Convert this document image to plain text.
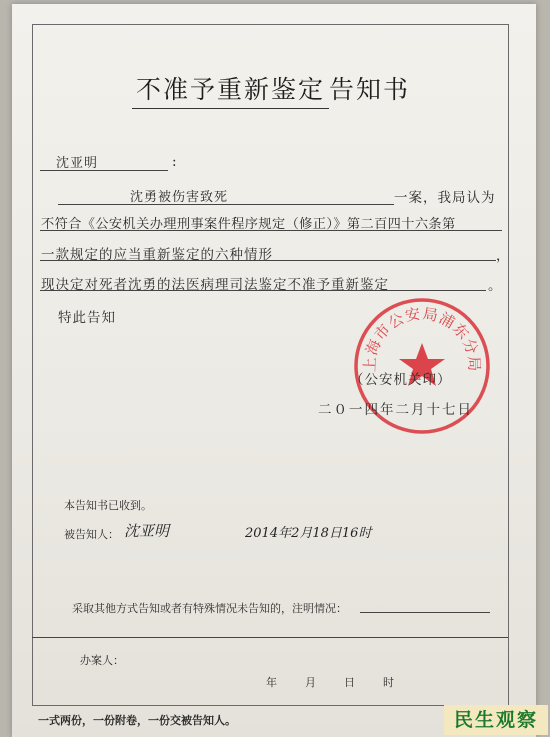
不准予重新鉴定 告知书
沈亚明	:
沈勇被伤害致死	一案，我局认为
不符合《公安机关办理刑事案件程序规定（修正）》第二百四十六条第
一款规定的应当重新鉴定的六种情形	，
现决定对死者沈勇的法医病理司法鉴定不准予重新鉴定	。
特此告知
上海市公安局浦东分局
（公安机关印）
二０一四年二月十七日
本告知书已收到。
被告知人： 沈亚明	2014年2月18日16时
采取其他方式告知或者有特殊情况未告知的，注明情况：
办案人：
年　　月　　日　　时
一式两份，一份附卷，一份交被告知人。	民生观察
